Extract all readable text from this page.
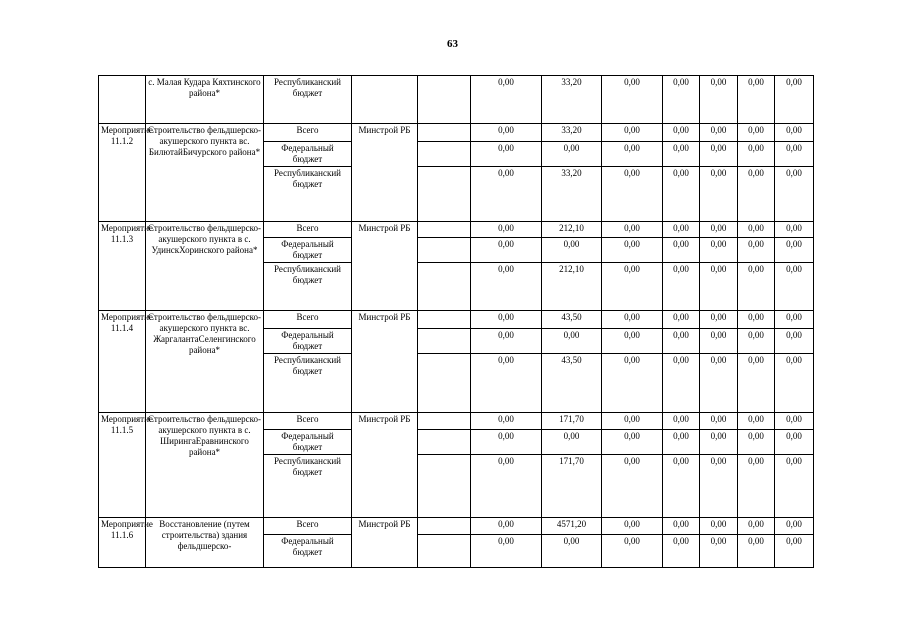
63
	с. Малая Кудара Кяхтинского района*	Республиканский бюджет			0,00	33,20	0,00	0,00	0,00	0,00	0,00	
Мероприятие 11.1.2	Строительство фельдшерско-акушерского пункта вс. БилютайБичурского района*	Всего	Минстрой РБ		0,00	33,20	0,00	0,00	0,00	0,00	0,00	
		Федеральный бюджет			0,00	0,00	0,00	0,00	0,00	0,00	0,00	
		Республиканский бюджет			0,00	33,20	0,00	0,00	0,00	0,00	0,00	
Мероприятие 11.1.3	Строительство фельдшерско-акушерского пункта в с. УдинскХоринского района*	Всего	Минстрой РБ		0,00	212,10	0,00	0,00	0,00	0,00	0,00	
		Федеральный бюджет			0,00	0,00	0,00	0,00	0,00	0,00	0,00	
		Республиканский бюджет			0,00	212,10	0,00	0,00	0,00	0,00	0,00	
Мероприятие 11.1.4	Строительство фельдшерско-акушерского пункта вс. ЖаргалантаСеленгинского района*	Всего	Минстрой РБ		0,00	43,50	0,00	0,00	0,00	0,00	0,00	
		Федеральный бюджет			0,00	0,00	0,00	0,00	0,00	0,00	0,00	
		Республиканский бюджет			0,00	43,50	0,00	0,00	0,00	0,00	0,00	
Мероприятие 11.1.5	Строительство фельдшерско-акушерского пункта в с. ШирингаЕравнинского района*	Всего	Минстрой РБ		0,00	171,70	0,00	0,00	0,00	0,00	0,00	
		Федеральный бюджет			0,00	0,00	0,00	0,00	0,00	0,00	0,00	
		Республиканский бюджет			0,00	171,70	0,00	0,00	0,00	0,00	0,00	
Мероприятие 11.1.6	Восстановление (путем строительства) здания фельдшерско-	Всего	Минстрой РБ		0,00	4571,20	0,00	0,00	0,00	0,00	0,00	
		Федеральный бюджет			0,00	0,00	0,00	0,00	0,00	0,00	0,00	
